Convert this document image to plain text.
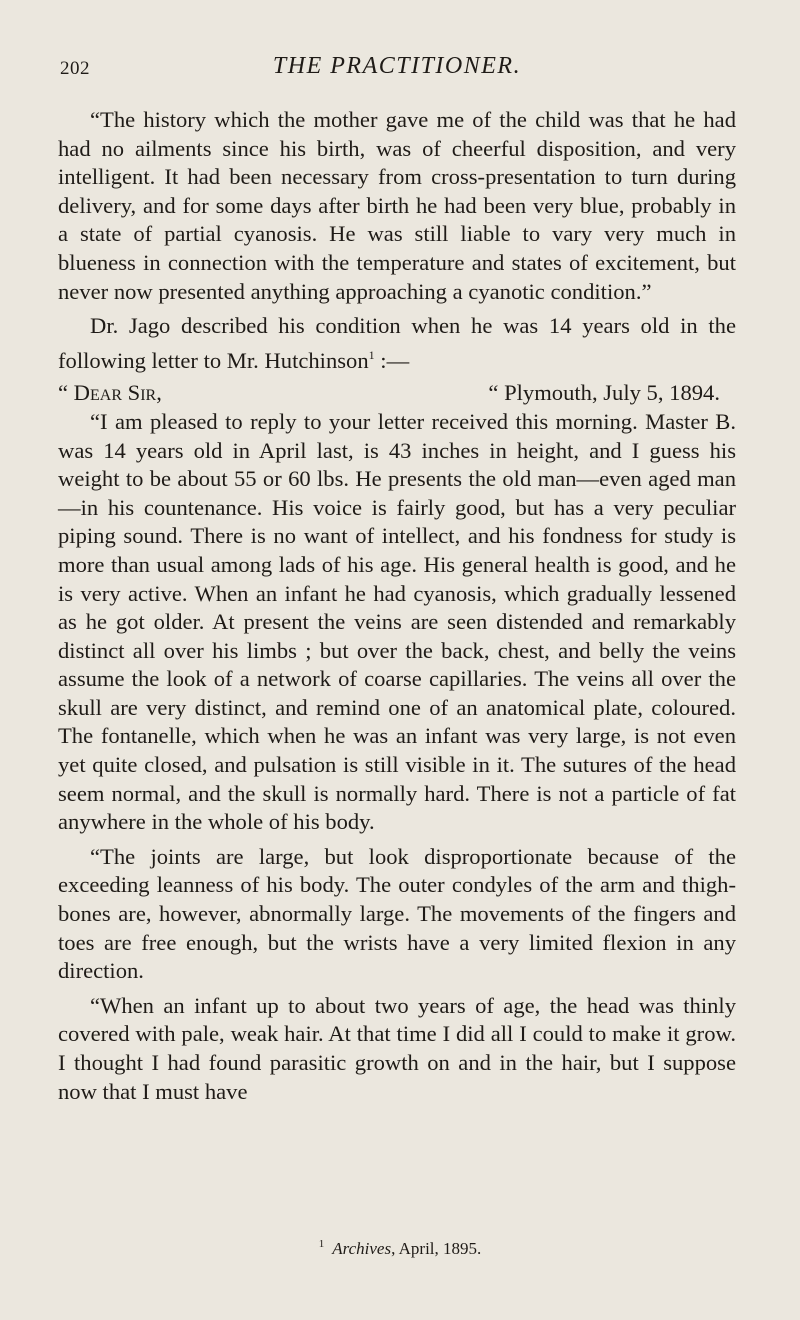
202	THE PRACTITIONER.

“The history which the mother gave me of the child was that he had had no ailments since his birth, was of cheerful disposition, and very intelligent. It had been necessary from cross-presentation to turn during delivery, and for some days after birth he had been very blue, probably in a state of partial cyanosis. He was still liable to vary very much in blueness in connection with the temperature and states of excitement, but never now presented anything approaching a cyanotic condition.”

Dr. Jago described his condition when he was 14 years old in the following letter to Mr. Hutchinson$^1$ :—

“ Dear Sir,	“ Plymouth, July 5, 1894.

“I am pleased to reply to your letter received this morning. Master B. was 14 years old in April last, is 43 inches in height, and I guess his weight to be about 55 or 60 lbs. He presents the old man—even aged man—in his countenance. His voice is fairly good, but has a very peculiar piping sound. There is no want of intellect, and his fondness for study is more than usual among lads of his age. His general health is good, and he is very active. When an infant he had cyanosis, which gradually lessened as he got older. At present the veins are seen distended and remarkably distinct all over his limbs ; but over the back, chest, and belly the veins assume the look of a network of coarse capillaries. The veins all over the skull are very distinct, and remind one of an anatomical plate, coloured. The fontanelle, which when he was an infant was very large, is not even yet quite closed, and pulsation is still visible in it. The sutures of the head seem normal, and the skull is normally hard. There is not a particle of fat anywhere in the whole of his body.

“The joints are large, but look disproportionate because of the exceeding leanness of his body. The outer condyles of the arm and thigh-bones are, however, abnormally large. The movements of the fingers and toes are free enough, but the wrists have a very limited flexion in any direction.

“When an infant up to about two years of age, the head was thinly covered with pale, weak hair. At that time I did all I could to make it grow. I thought I had found parasitic growth on and in the hair, but I suppose now that I must have

$^1$ Archives, April, 1895.
